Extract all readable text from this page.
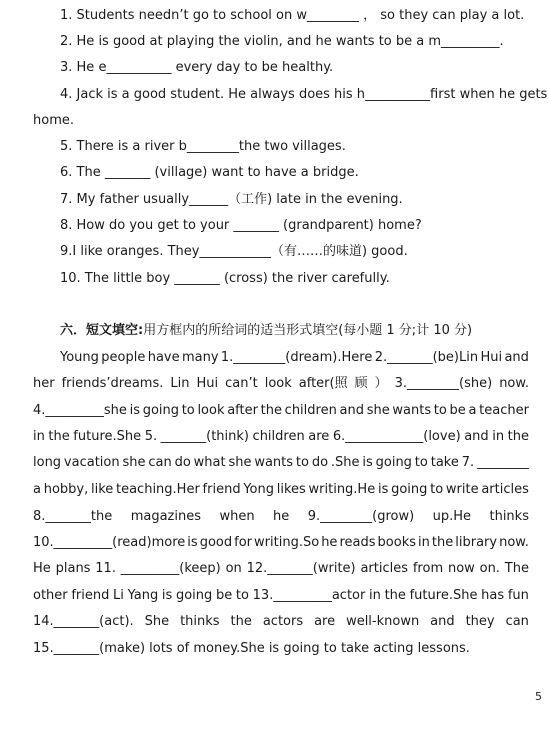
1. Students needn’t go to school on w________ ， so they can play a lot.
2. He is good at playing the violin, and he wants to be a m_________.
3. He e__________ every day to be healthy.
4. Jack is a good student. He always does his h__________first when he gets
home.
5. There is a river b________the two villages.
6. The _______ (village) want to have a bridge.
7. My father usually______（工作) late in the evening.
8. How do you get to your _______ (grandparent) home?
9.I like oranges. They___________（有……的味道) good.
10. The little boy _______ (cross) the river carefully.
六．短文填空:用方框内的所给词的适当形式填空(每小题 1 分;计 10 分)
Young people have many 1.________(dream).Here 2._______(be)Lin Hui and
her friends’dreams. Lin Hui can’t look after(照 顾 ） 3.________(she) now.
4._________she is going to look after the children and she wants to be a teacher
in the future.She 5. _______(think) children are 6.____________(love) and in the
long vacation she can do what she wants to do .She is going to take 7. ________
a hobby, like teaching.Her friend Yong likes writing.He is going to write articles
8._______the magazines when he 9.________(grow) up.He thinks
10._________(read)more is good for writing.So he reads books in the library now.
He plans 11. _________(keep) on 12._______(write) articles from now on. The
other friend Li Yang is going be to 13._________actor in the future.She has fun
14._______(act). She thinks the actors are well-known and they can
15._______(make) lots of money.She is going to take acting lessons.
5
